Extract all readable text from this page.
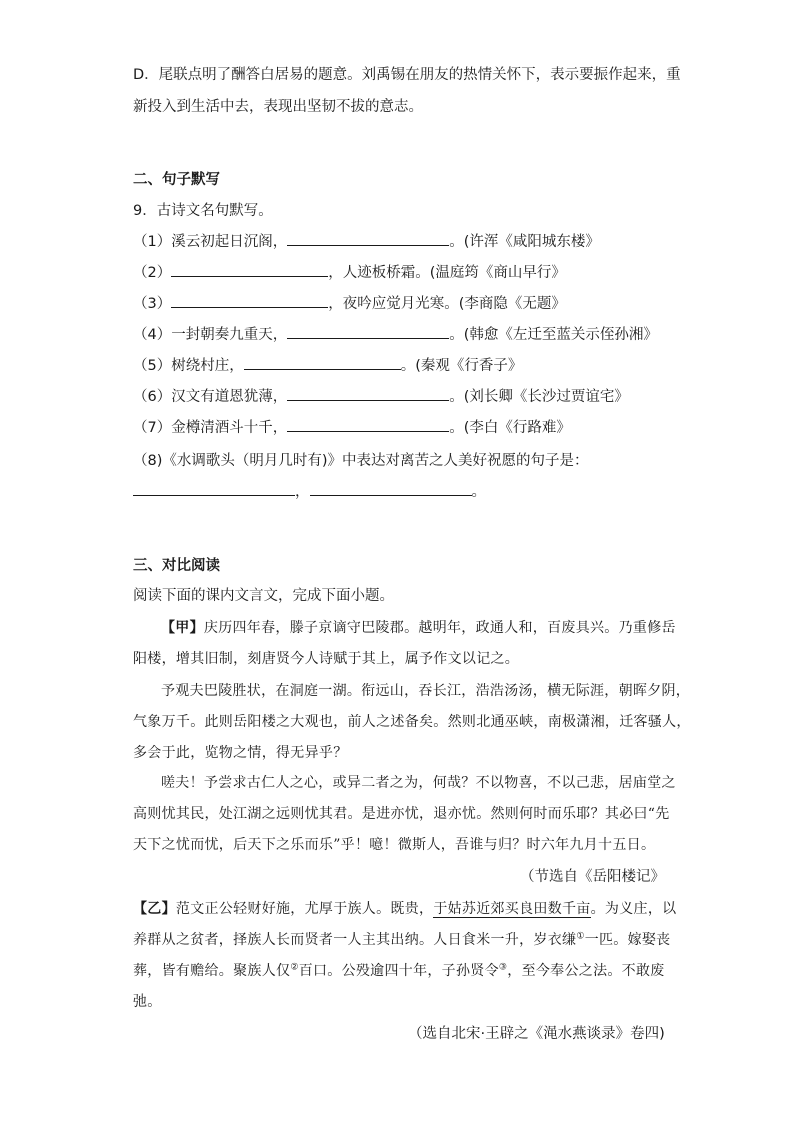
D．尾联点明了酬答白居易的题意。刘禹锡在朋友的热情关怀下，表示要振作起来，重
新投入到生活中去，表现出坚韧不拔的意志。
二、句子默写
9．古诗文名句默写。
（1）溪云初起日沉阁，	。(许浑《咸阳城东楼》
（2）	，人迹板桥霜。(温庭筠《商山早行》
（3）	，夜吟应觉月光寒。(李商隐《无题》
（4）一封朝奏九重天，	。(韩愈《左迁至蓝关示侄孙湘》
（5）树绕村庄，	。(秦观《行香子》
（6）汉文有道恩犹薄，	。(刘长卿《长沙过贾谊宅》
（7）金樽清酒斗十千，	。(李白《行路难》
（8)《水调歌头（明月几时有)》中表达对离苦之人美好祝愿的句子是：
，	。
三、对比阅读
阅读下面的课内文言文，完成下面小题。
【甲】庆历四年春，滕子京谪守巴陵郡。越明年，政通人和，百废具兴。乃重修岳
阳楼，增其旧制，刻唐贤今人诗赋于其上，属予作文以记之。
予观夫巴陵胜状，在洞庭一湖。衔远山，吞长江，浩浩汤汤，横无际涯，朝晖夕阴，
气象万千。此则岳阳楼之大观也，前人之述备矣。然则北通巫峡，南极潇湘，迁客骚人，
多会于此，览物之情，得无异乎？
嗟夫！予尝求古仁人之心，或异二者之为，何哉？不以物喜，不以己悲，居庙堂之
高则忧其民，处江湖之远则忧其君。是进亦忧，退亦忧。然则何时而乐耶？其必曰“先
天下之忧而忧，后天下之乐而乐”乎！噫！微斯人，吾谁与归？时六年九月十五日。
（节选自《岳阳楼记》
【乙】范文正公轻财好施，尤厚于族人。既贵，于姑苏近郊买良田数千亩。为义庄，以
养群从之贫者，择族人长而贤者一人主其出纳。人日食米一升，岁衣缣①一匹。嫁娶丧
葬，皆有赡给。聚族人仅②百口。公殁逾四十年，子孙贤令③，至今奉公之法。不敢废
弛。
（选自北宋·王辟之《渑水燕谈录》卷四)
